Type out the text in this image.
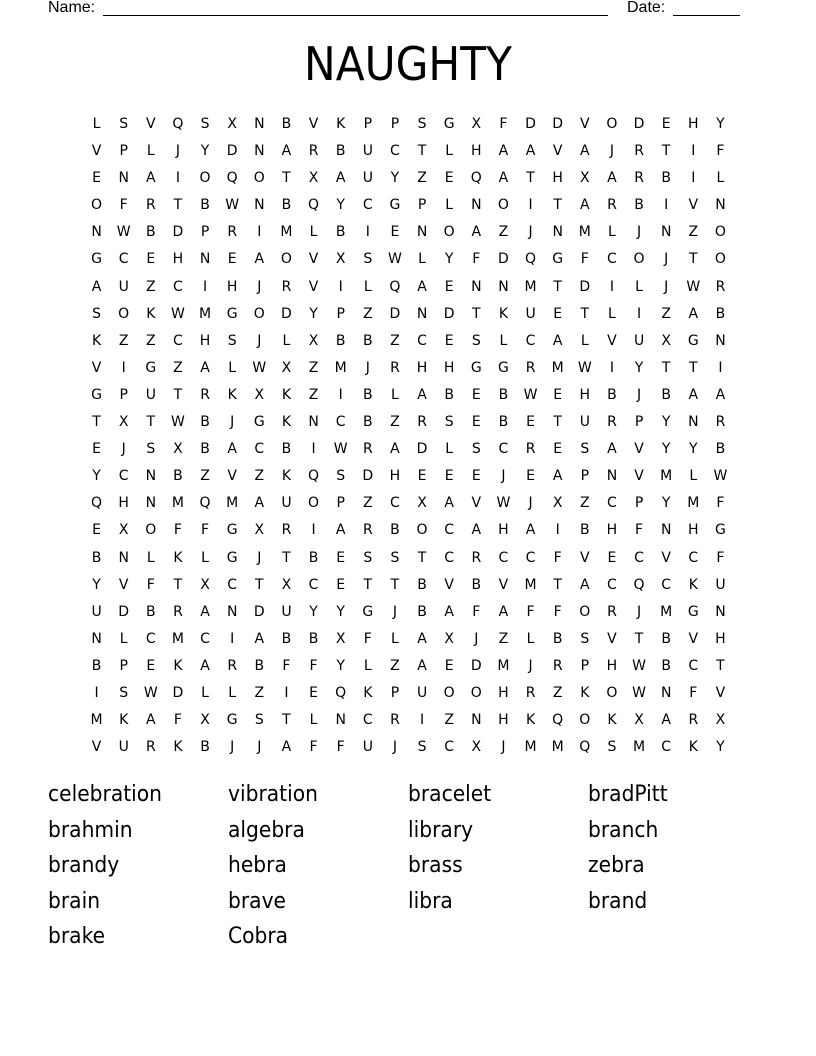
Name:	Date:
NAUGHTY
L	S	V	Q	S	X	N	B	V	K	P	P	S	G	X	F	D	D	V	O	D	E	H	Y
V	P	L	J	Y	D	N	A	R	B	U	C	T	L	H	A	A	V	A	J	R	T	I	F
E	N	A	I	O	Q	O	T	X	A	U	Y	Z	E	Q	A	T	H	X	A	R	B	I	L
O	F	R	T	B	W	N	B	Q	Y	C	G	P	L	N	O	I	T	A	R	B	I	V	N
N	W	B	D	P	R	I	M	L	B	I	E	N	O	A	Z	J	N	M	L	J	N	Z	O
G	C	E	H	N	E	A	O	V	X	S	W	L	Y	F	D	Q	G	F	C	O	J	T	O
A	U	Z	C	I	H	J	R	V	I	L	Q	A	E	N	N	M	T	D	I	L	J	W	R
S	O	K	W	M	G	O	D	Y	P	Z	D	N	D	T	K	U	E	T	L	I	Z	A	B
K	Z	Z	C	H	S	J	L	X	B	B	Z	C	E	S	L	C	A	L	V	U	X	G	N
V	I	G	Z	A	L	W	X	Z	M	J	R	H	H	G	G	R	M	W	I	Y	T	T	I
G	P	U	T	R	K	X	K	Z	I	B	L	A	B	E	B	W	E	H	B	J	B	A	A
T	X	T	W	B	J	G	K	N	C	B	Z	R	S	E	B	E	T	U	R	P	Y	N	R
E	J	S	X	B	A	C	B	I	W	R	A	D	L	S	C	R	E	S	A	V	Y	Y	B
Y	C	N	B	Z	V	Z	K	Q	S	D	H	E	E	E	J	E	A	P	N	V	M	L	W
Q	H	N	M	Q	M	A	U	O	P	Z	C	X	A	V	W	J	X	Z	C	P	Y	M	F
E	X	O	F	F	G	X	R	I	A	R	B	O	C	A	H	A	I	B	H	F	N	H	G
B	N	L	K	L	G	J	T	B	E	S	S	T	C	R	C	C	F	V	E	C	V	C	F
Y	V	F	T	X	C	T	X	C	E	T	T	B	V	B	V	M	T	A	C	Q	C	K	U
U	D	B	R	A	N	D	U	Y	Y	G	J	B	A	F	A	F	F	O	R	J	M	G	N
N	L	C	M	C	I	A	B	B	X	F	L	A	X	J	Z	L	B	S	V	T	B	V	H
B	P	E	K	A	R	B	F	F	Y	L	Z	A	E	D	M	J	R	P	H	W	B	C	T
I	S	W	D	L	L	Z	I	E	Q	K	P	U	O	O	H	R	Z	K	O	W	N	F	V
M	K	A	F	X	G	S	T	L	N	C	R	I	Z	N	H	K	Q	O	K	X	A	R	X
V	U	R	K	B	J	J	A	F	F	U	J	S	C	X	J	M	M	Q	S	M	C	K	Y
celebration	vibration	bracelet	bradPitt
brahmin	algebra	library	branch
brandy	hebra	brass	zebra
brain	brave	libra	brand
brake	Cobra
